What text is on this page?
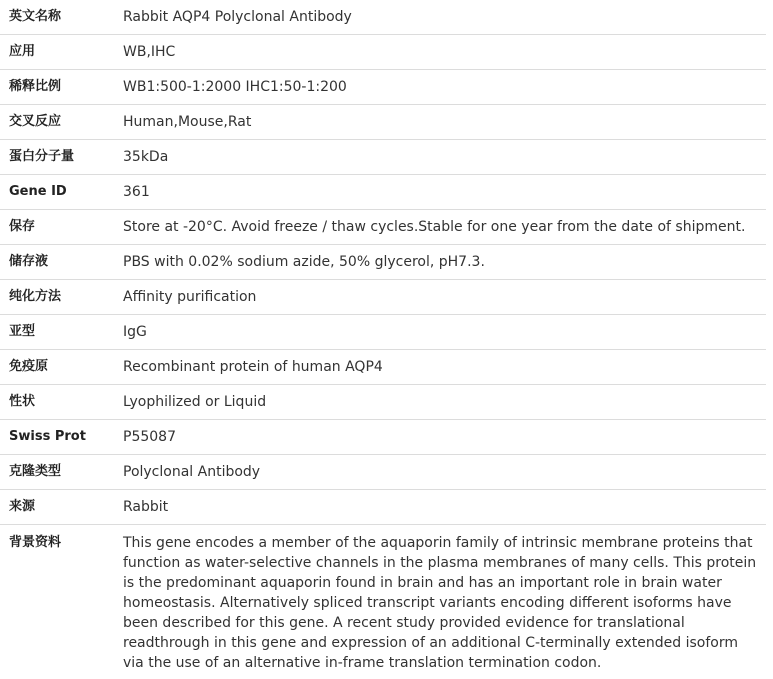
英文名称	Rabbit AQP4 Polyclonal Antibody
应用	WB,IHC
稀释比例	WB1:500-1:2000 IHC1:50-1:200
交叉反应	Human,Mouse,Rat
蛋白分子量	35kDa
Gene ID	361
保存	Store at -20°C. Avoid freeze / thaw cycles.Stable for one year from the date of shipment.
储存液	PBS with 0.02% sodium azide, 50% glycerol, pH7.3.
纯化方法	Affinity purification
亚型	IgG
免疫原	Recombinant protein of human AQP4
性状	Lyophilized or Liquid
Swiss Prot	P55087
克隆类型	Polyclonal Antibody
来源	Rabbit
背景资料	This gene encodes a member of the aquaporin family of intrinsic membrane proteins that function as water-selective channels in the plasma membranes of many cells. This protein is the predominant aquaporin found in brain and has an important role in brain water homeostasis. Alternatively spliced transcript variants encoding different isoforms have been described for this gene. A recent study provided evidence for translational readthrough in this gene and expression of an additional C-terminally extended isoform via the use of an alternative in-frame translation termination codon.
